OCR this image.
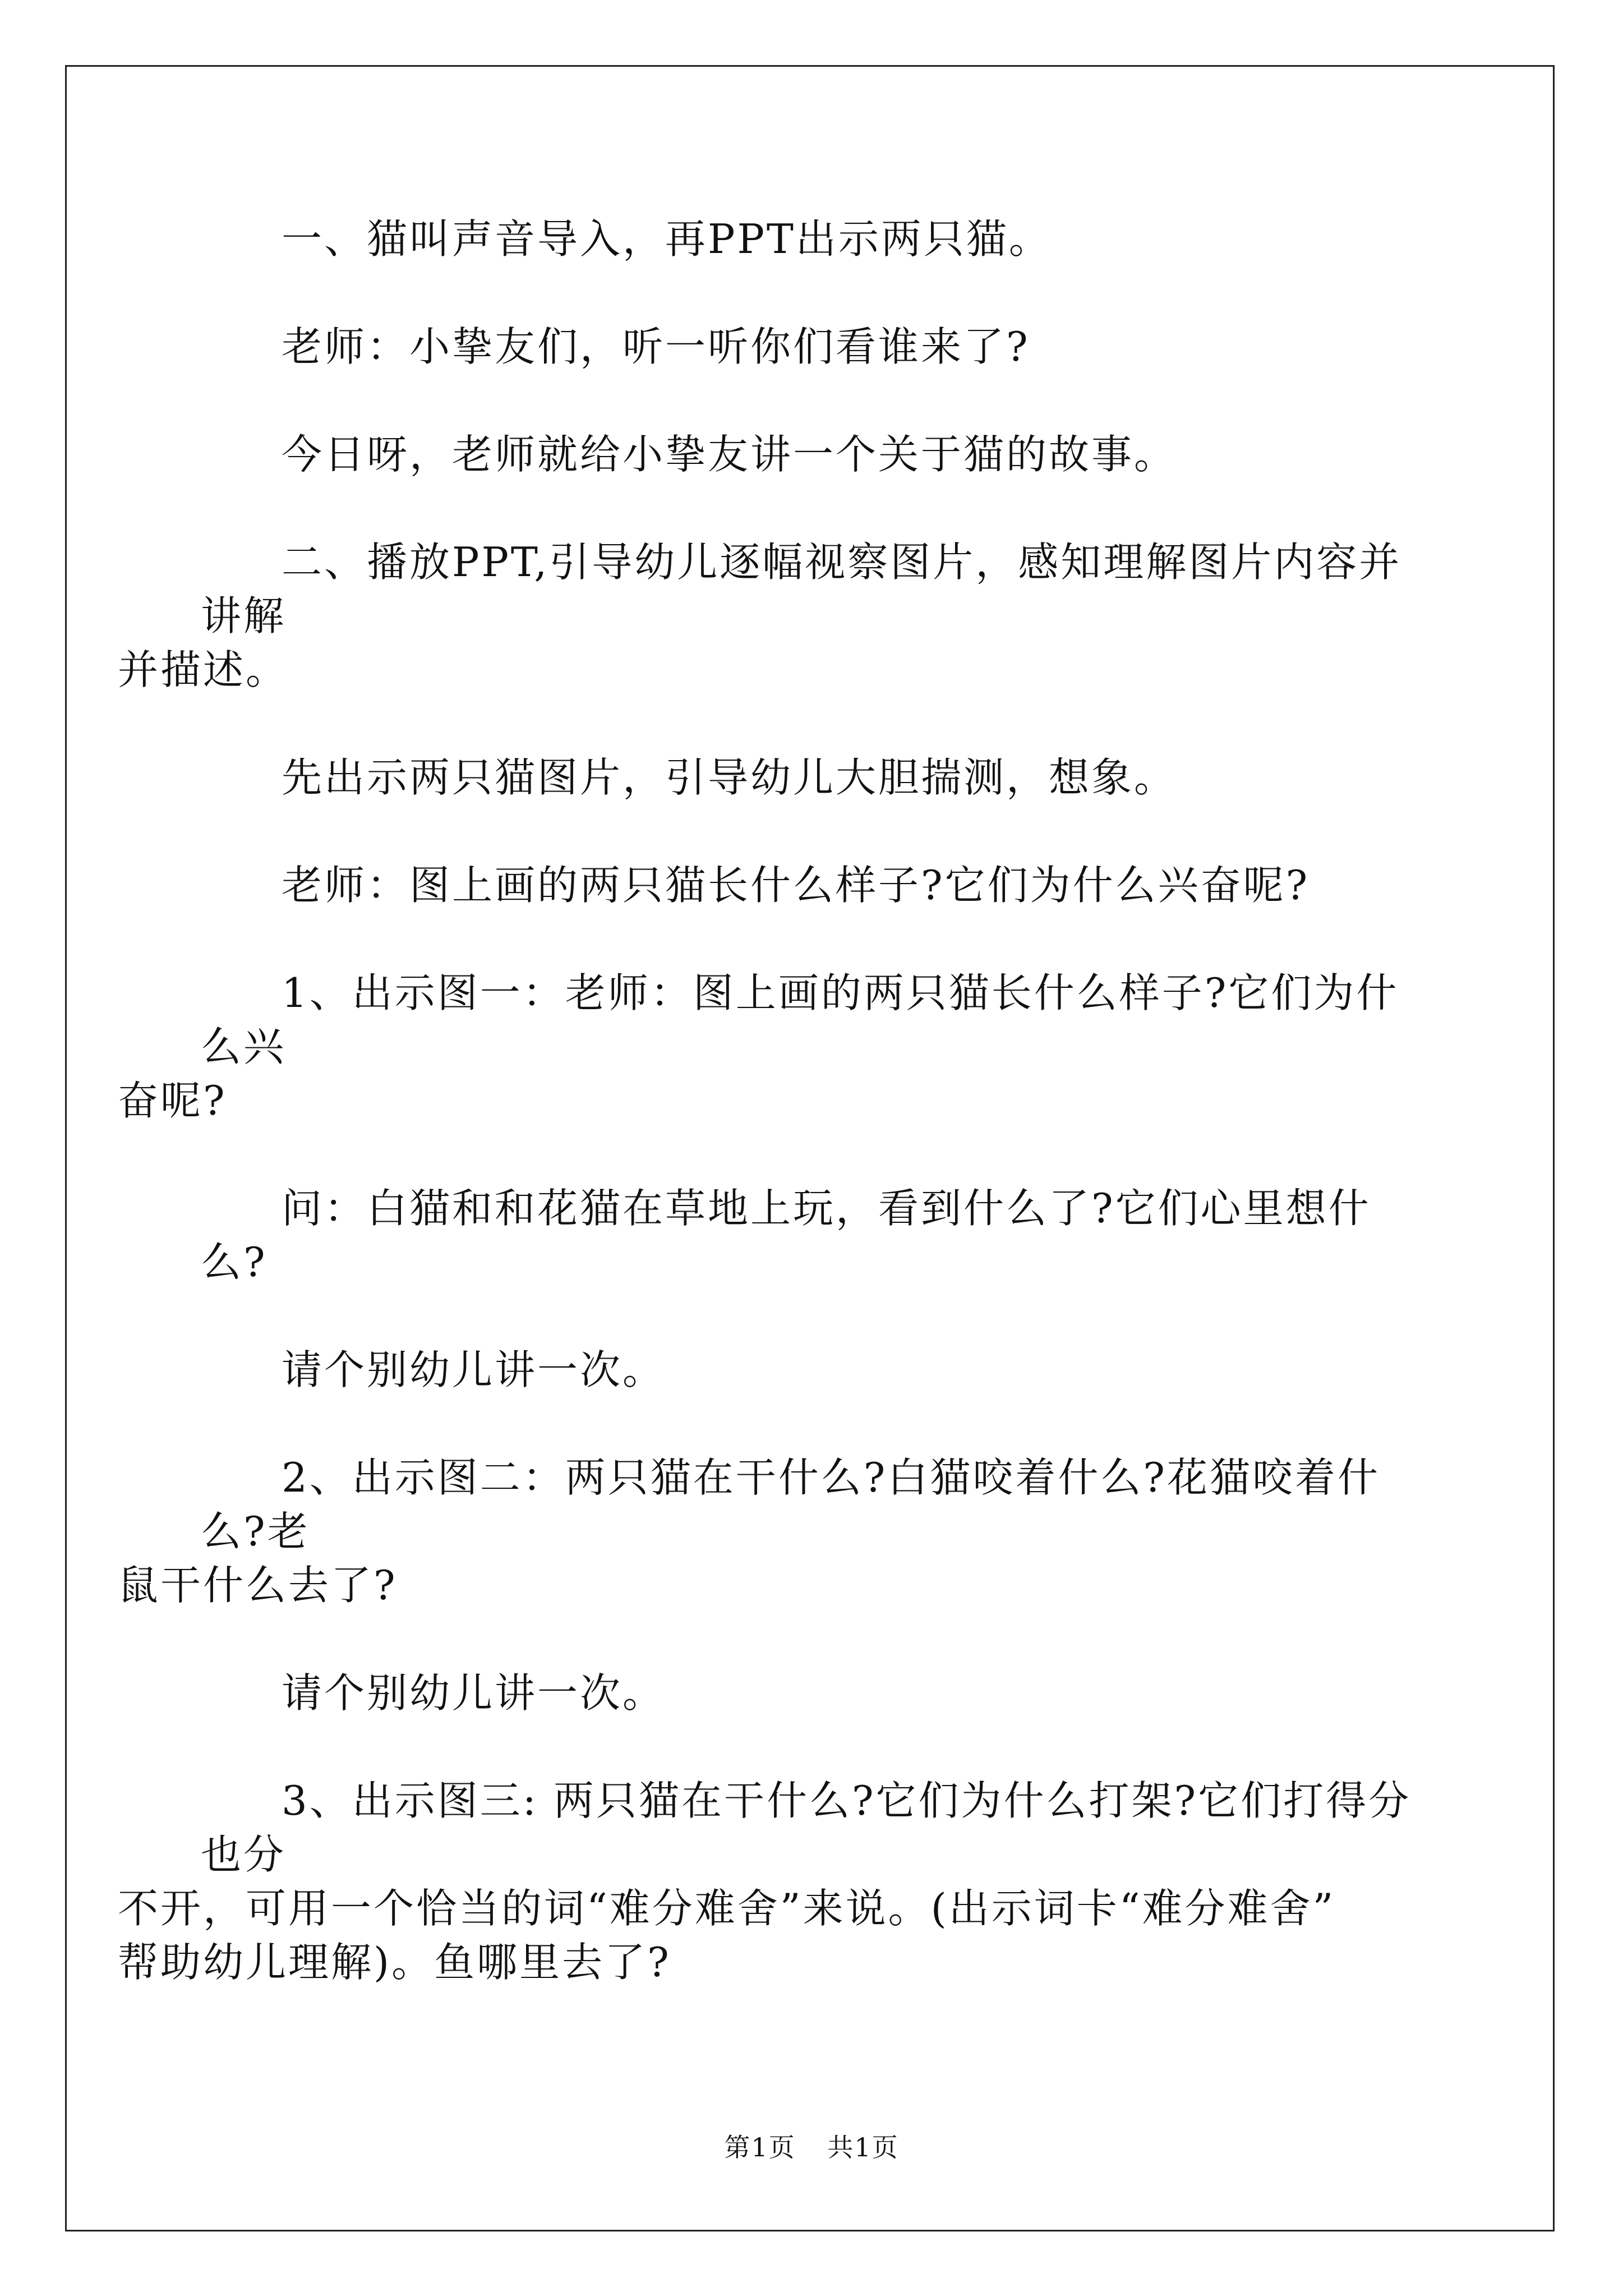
一、猫叫声音导入，再PPT出示两只猫。

老师：小挚友们，听一听你们看谁来了?

今日呀，老师就给小挚友讲一个关于猫的故事。

二、播放PPT,引导幼儿逐幅视察图片，感知理解图片内容并讲解

并描述。

先出示两只猫图片，引导幼儿大胆揣测，想象。

老师：图上画的两只猫长什么样子?它们为什么兴奋呢?

1、出示图一：老师：图上画的两只猫长什么样子?它们为什么兴

奋呢?

问：白猫和和花猫在草地上玩，看到什么了?它们心里想什么?

请个别幼儿讲一次。

2、出示图二：两只猫在干什么?白猫咬着什么?花猫咬着什么?老

鼠干什么去了?

请个别幼儿讲一次。

3、出示图三: 两只猫在干什么?它们为什么打架?它们打得分也分

不开，可用一个恰当的词“难分难舍”来说。(出示词卡“难分难舍”

帮助幼儿理解)。鱼哪里去了?

第1页 共1页
